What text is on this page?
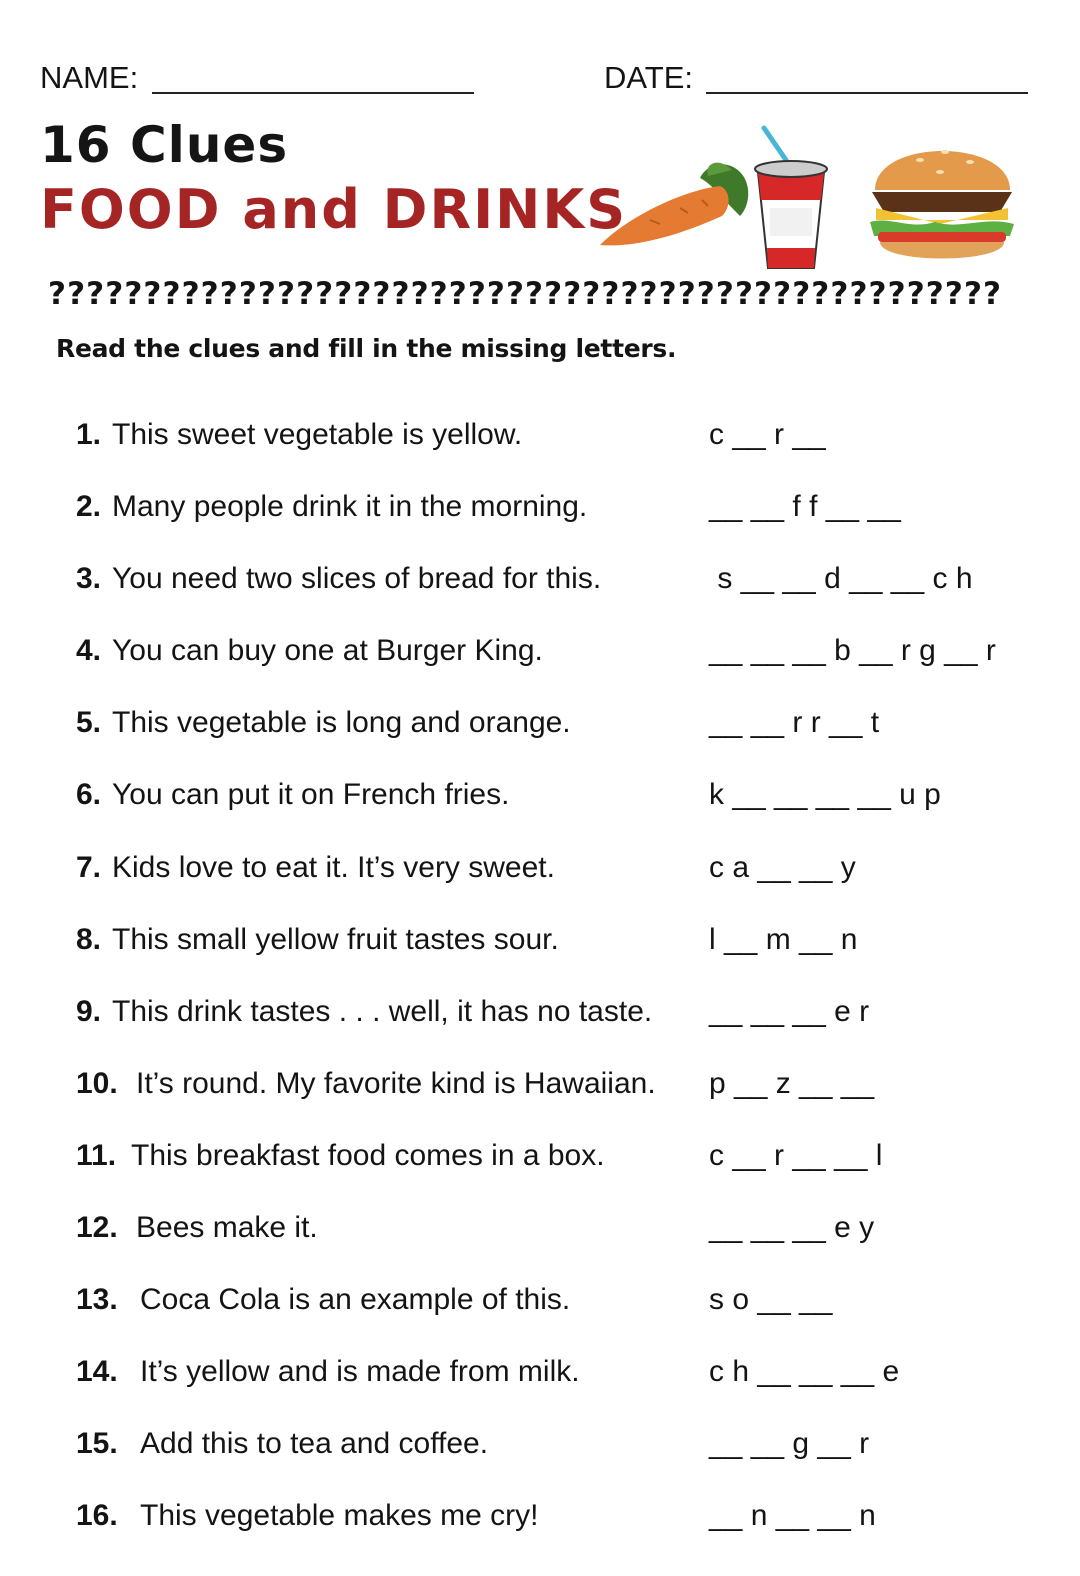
NAME:	DATE:
16 Clues
FOOD and DRINKS
??????????????????????????????????????????????????
Read the clues and fill in the missing letters.
1. This sweet vegetable is yellow.	c __ r __
2. Many people drink it in the morning.	__ __ f f __ __
3. You need two slices of bread for this.	s __ __ d __ __ c h
4. You can buy one at Burger King.	__ __ __ b __ r g __ r
5. This vegetable is long and orange.	__ __ r r __ t
6. You can put it on French fries.	k __ __ __ __ u p
7. Kids love to eat it. It’s very sweet.	c a __ __ y
8. This small yellow fruit tastes sour.	l __ m __ n
9. This drink tastes . . . well, it has no taste. __ __ __ e r
10. It’s round. My favorite kind is Hawaiian. p __ z __ __
11. This breakfast food comes in a box.	c __ r __ __ l
12. Bees make it.	__ __ __ e y
13. Coca Cola is an example of this.	s o __ __
14. It’s yellow and is made from milk.	c h __ __ __ e
15. Add this to tea and coffee.	__ __ g __ r
16. This vegetable makes me cry!	__ n __ __ n
